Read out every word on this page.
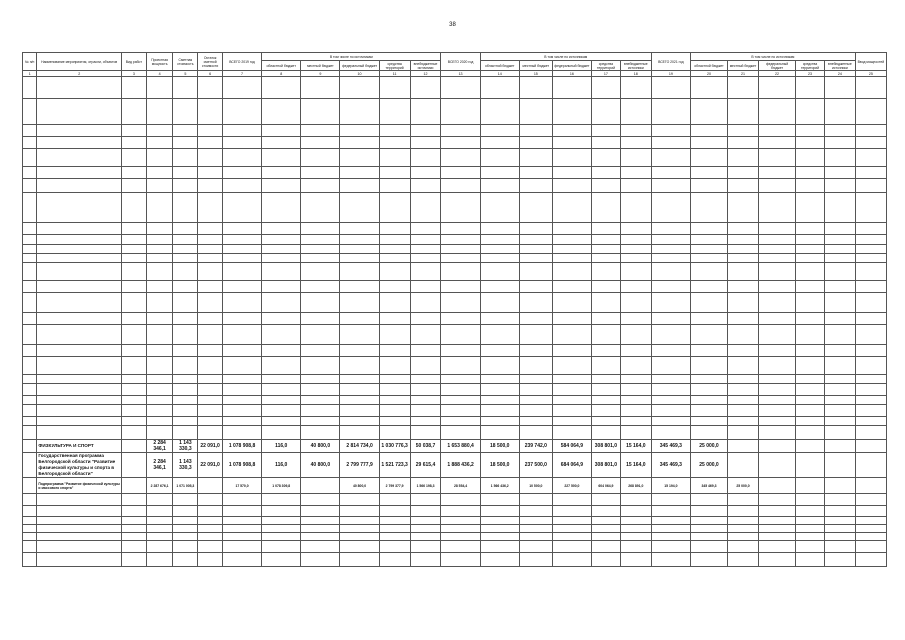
38
№ п/п	Наименование мероприятия, отрасли, объектов	Вид работ	Проектная мощность	Сметная стоимость	Остаток сметной стоимости	ВСЕГО 2019 год	В том числе по источникам					ВСЕГО 2020 год	В том числе по источникам					ВСЕГО 2021 год	В том числе по источникам					Ввод мощностей
							областной бюджет	местный бюджет	федеральный бюджет	средства территорий	внебюджетные источники		областной бюджет	местный бюджет	федеральный бюджет	средства территорий	внебюджетные источники		областной бюджет	местный бюджет	федеральный бюджет	средства территорий	внебюджетные источники	
1	2	3	4	5	6	7	8	9	10	11	12	13	14	15	16	17	18	19	20	21	22	23	24	25

	ФИЗКУЛЬТУРА И СПОРТ		2 284 346,1	1 143 330,3	22 091,0	1 078 908,8	116,0	40 800,0	2 814 734,0	1 030 776,3	50 038,7	1 653 880,4	18 500,0	239 742,0	584 064,9	308 801,0	15 164,0	345 469,3	25 000,0					
	Государственная программа Белгородской области "Развитие физической культуры и спорта в Белгородской области"		2 284 346,1	1 143 330,3	22 091,0	1 078 908,8	116,0	40 800,0	2 799 777,9	1 521 723,3	29 615,4	1 888 436,2	18 500,0	237 500,0	684 064,9	308 801,0	15 164,0	345 469,3	25 000,0					
	Подпрограмма "Развитие физической культуры и массового спорта"		2 287 676,1	1 071 005,3		17 570,0	1 078 309,8		40 800,0	2 799 377,9	1 566 198,3	28 554,4	1 566 436,2	10 500,0	227 500,0	604 064,9	268 891,0	15 194,0	345 469,3	25 000,0				
